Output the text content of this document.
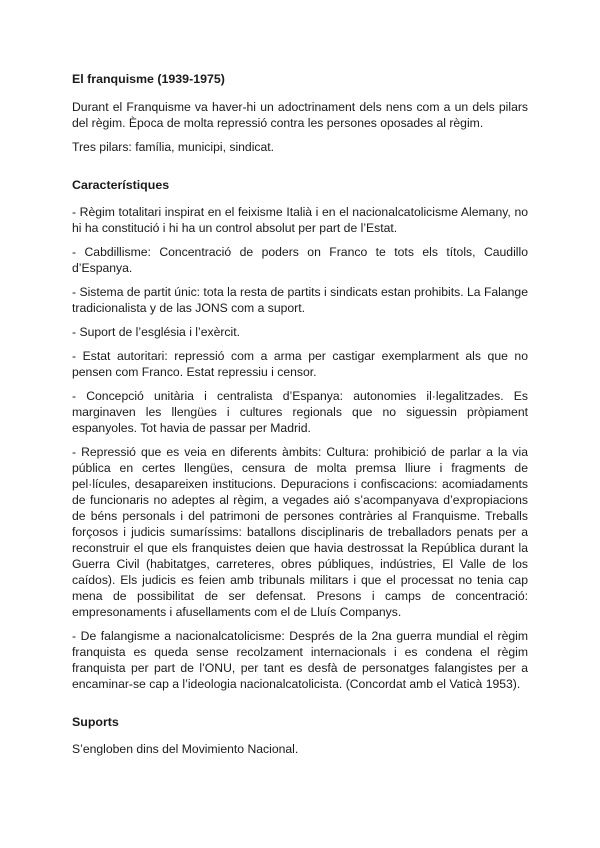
El franquisme (1939-1975)

Durant el Franquisme va haver-hi un adoctrinament dels nens com a un dels pilars del règim. Època de molta repressió contra les persones oposades al règim.

Tres pilars: família, municipi, sindicat.

Característiques

- Règim totalitari inspirat en el feixisme Italià i en el nacionalcatolicisme Alemany, no hi ha constitució i hi ha un control absolut per part de l’Estat.

- Cabdillisme: Concentració de poders on Franco te tots els títols, Caudillo d’Espanya.

- Sistema de partit únic: tota la resta de partits i sindicats estan prohibits. La Falange tradicionalista y de las JONS com a suport.

- Suport de l’església i l’exèrcit.

- Estat autoritari: repressió com a arma per castigar exemplarment als que no pensen com Franco. Estat repressiu i censor.

- Concepció unitària i centralista d’Espanya: autonomies il·legalitzades. Es marginaven les llengües i cultures regionals que no siguessin pròpiament espanyoles. Tot havia de passar per Madrid.

- Repressió que es veia en diferents àmbits: Cultura: prohibició de parlar a la via pública en certes llengües, censura de molta premsa lliure i fragments de pel·lícules, desapareixen institucions. Depuracions i confiscacions: acomiadaments de funcionaris no adeptes al règim, a vegades aió s’acompanyava d’expropiacions de béns personals i del patrimoni de persones contràries al Franquisme. Treballs forçosos i judicis sumaríssims: batallons disciplinaris de treballadors penats per a reconstruir el que els franquistes deien que havia destrossat la República durant la Guerra Civil (habitatges, carreteres, obres públiques, indústries, El Valle de los caídos). Els judicis es feien amb tribunals militars i que el processat no tenia cap mena de possibilitat de ser defensat. Presons i camps de concentració: empresonaments i afusellaments com el de Lluís Companys.

- De falangisme a nacionalcatolicisme: Després de la 2na guerra mundial el règim franquista es queda sense recolzament internacionals i es condena el règim franquista per part de l’ONU, per tant es desfà de personatges falangistes per a encaminar-se cap a l’ideologia nacionalcatolicista. (Concordat amb el Vaticà 1953).

Suports

S’engloben dins del Movimiento Nacional.
